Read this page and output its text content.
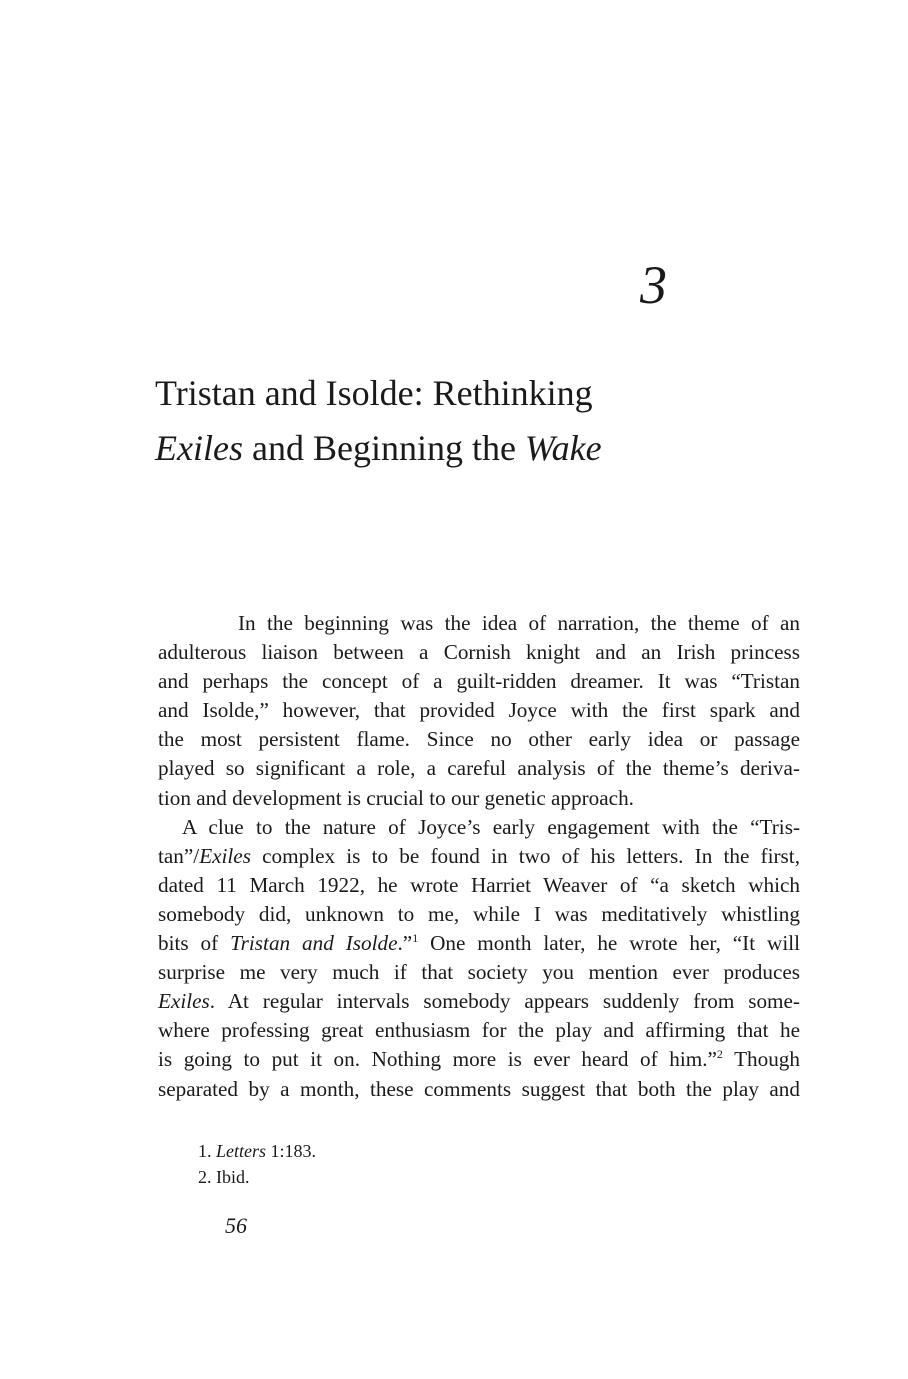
3
Tristan and Isolde: Rethinking
Exiles and Beginning the Wake
In the beginning was the idea of narration, the theme of an
adulterous liaison between a Cornish knight and an Irish princess
and perhaps the concept of a guilt-ridden dreamer. It was “Tristan
and Isolde,” however, that provided Joyce with the first spark and
the most persistent flame. Since no other early idea or passage
played so significant a role, a careful analysis of the theme’s deriva-
tion and development is crucial to our genetic approach.
A clue to the nature of Joyce’s early engagement with the “Tris-
tan”/Exiles complex is to be found in two of his letters. In the first,
dated 11 March 1922, he wrote Harriet Weaver of “a sketch which
somebody did, unknown to me, while I was meditatively whistling
bits of Tristan and Isolde.”$^1$ One month later, he wrote her, “It will
surprise me very much if that society you mention ever produces
Exiles. At regular intervals somebody appears suddenly from some-
where professing great enthusiasm for the play and affirming that he
is going to put it on. Nothing more is ever heard of him.”$^2$ Though
separated by a month, these comments suggest that both the play and
1. Letters 1:183.
2. Ibid.
56
